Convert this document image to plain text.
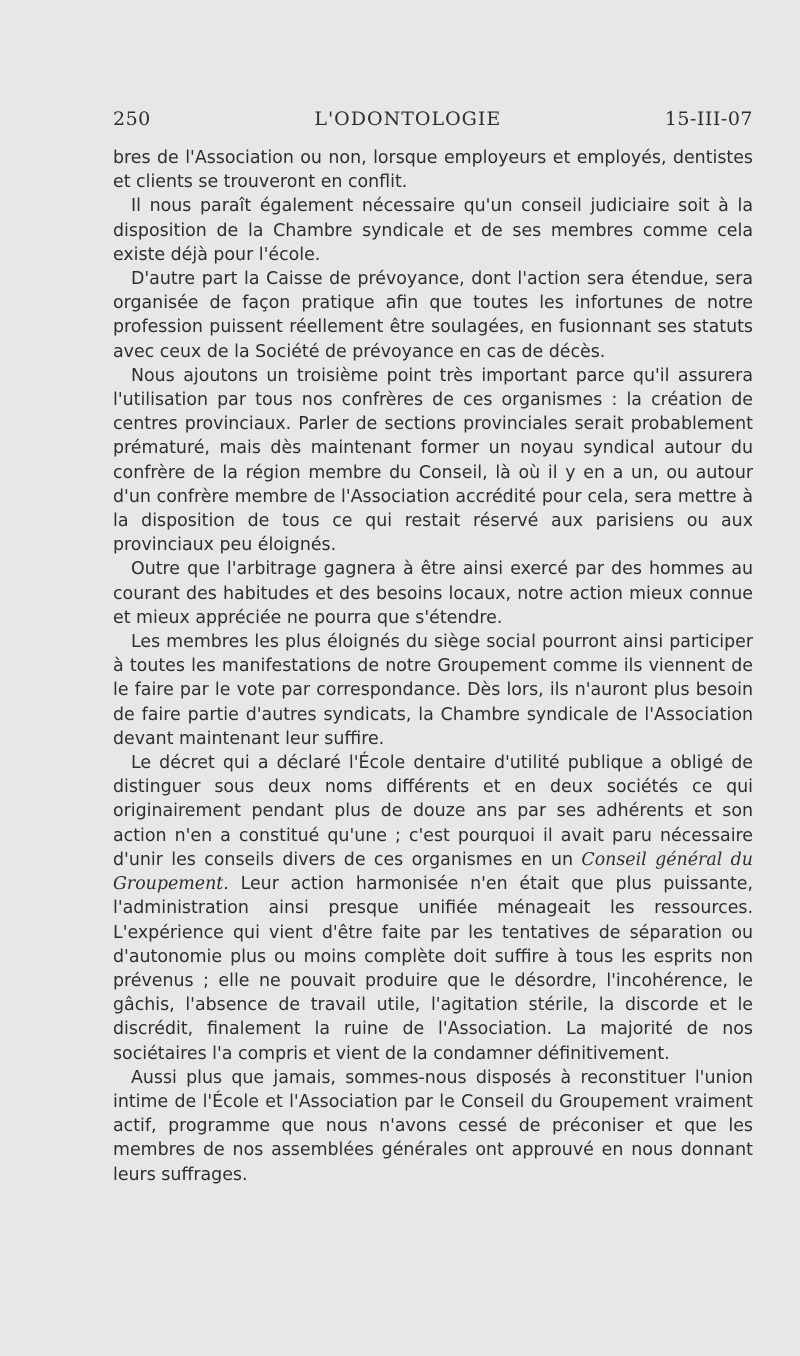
250	L'ODONTOLOGIE	15-III-07

bres de l'Association ou non, lorsque employeurs et employés, dentistes et clients se trouveront en conflit.

Il nous paraît également nécessaire qu'un conseil judiciaire soit à la disposition de la Chambre syndicale et de ses membres comme cela existe déjà pour l'école.

D'autre part la Caisse de prévoyance, dont l'action sera étendue, sera organisée de façon pratique afin que toutes les infortunes de notre profession puissent réellement être soulagées, en fusionnant ses statuts avec ceux de la Société de prévoyance en cas de décès.

Nous ajoutons un troisième point très important parce qu'il assurera l'utilisation par tous nos confrères de ces organismes : la création de centres provinciaux. Parler de sections provinciales serait probablement prématuré, mais dès maintenant former un noyau syndical autour du confrère de la région membre du Conseil, là où il y en a un, ou autour d'un confrère membre de l'Association accrédité pour cela, sera mettre à la disposition de tous ce qui restait réservé aux parisiens ou aux provinciaux peu éloignés.

Outre que l'arbitrage gagnera à être ainsi exercé par des hommes au courant des habitudes et des besoins locaux, notre action mieux connue et mieux appréciée ne pourra que s'étendre.

Les membres les plus éloignés du siège social pourront ainsi participer à toutes les manifestations de notre Groupement comme ils viennent de le faire par le vote par correspondance. Dès lors, ils n'auront plus besoin de faire partie d'autres syndicats, la Chambre syndicale de l'Association devant maintenant leur suffire.

Le décret qui a déclaré l'École dentaire d'utilité publique a obligé de distinguer sous deux noms différents et en deux sociétés ce qui originairement pendant plus de douze ans par ses adhérents et son action n'en a constitué qu'une ; c'est pourquoi il avait paru nécessaire d'unir les conseils divers de ces organismes en un Conseil général du Groupement. Leur action harmonisée n'en était que plus puissante, l'administration ainsi presque unifiée ménageait les ressources. L'expérience qui vient d'être faite par les tentatives de séparation ou d'autonomie plus ou moins complète doit suffire à tous les esprits non prévenus ; elle ne pouvait produire que le désordre, l'incohérence, le gâchis, l'absence de travail utile, l'agitation stérile, la discorde et le discrédit, finalement la ruine de l'Association. La majorité de nos sociétaires l'a compris et vient de la condamner définitivement.

Aussi plus que jamais, sommes-nous disposés à reconstituer l'union intime de l'École et l'Association par le Conseil du Groupement vraiment actif, programme que nous n'avons cessé de préconiser et que les membres de nos assemblées générales ont approuvé en nous donnant leurs suffrages.
